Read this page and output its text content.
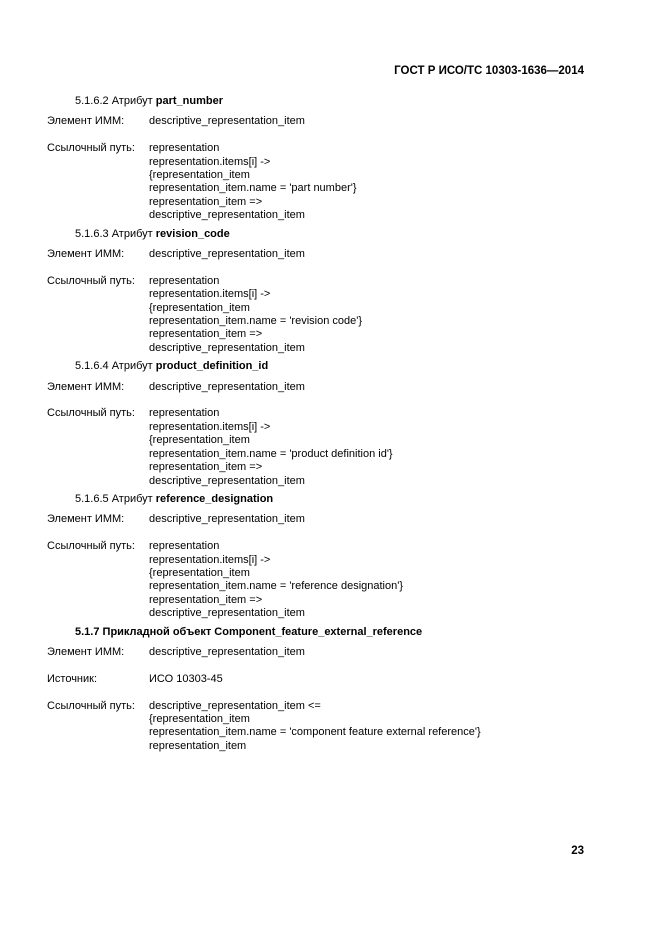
ГОСТ Р ИСО/ТС 10303-1636—2014
5.1.6.2 Атрибут part_number
Элемент ИММ:	descriptive_representation_item
Ссылочный путь:	representation
representation.items[i] ->
{representation_item
representation_item.name = 'part number'}
representation_item =>
descriptive_representation_item
5.1.6.3 Атрибут revision_code
Элемент ИММ:	descriptive_representation_item
Ссылочный путь:	representation
representation.items[i] ->
{representation_item
representation_item.name = 'revision code'}
representation_item =>
descriptive_representation_item
5.1.6.4 Атрибут product_definition_id
Элемент ИММ:	descriptive_representation_item
Ссылочный путь:	representation
representation.items[i] ->
{representation_item
representation_item.name = 'product definition id'}
representation_item =>
descriptive_representation_item
5.1.6.5 Атрибут reference_designation
Элемент ИММ:	descriptive_representation_item
Ссылочный путь:	representation
representation.items[i] ->
{representation_item
representation_item.name = 'reference designation'}
representation_item =>
descriptive_representation_item
5.1.7 Прикладной объект Component_feature_external_reference
Элемент ИММ:	descriptive_representation_item
Источник:	ИСО 10303-45
Ссылочный путь:	descriptive_representation_item <=
{representation_item
representation_item.name = 'component feature external reference'}
representation_item
23
